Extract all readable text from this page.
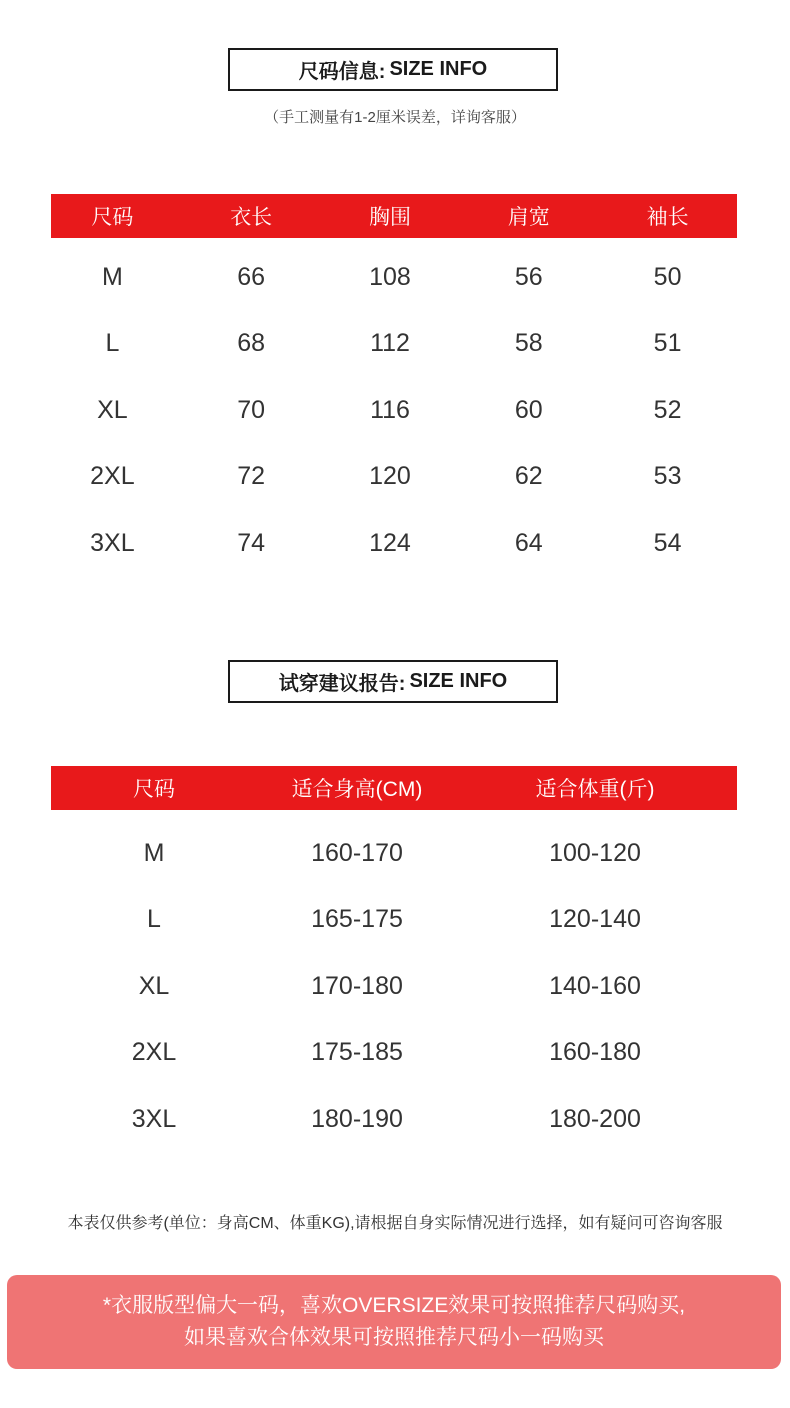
尺码信息: SIZE INFO
（手工测量有1-2厘米误差，详询客服）
尺码	衣长	胸围	肩宽	袖长
M	66	108	56	50
L	68	112	58	51
XL	70	116	60	52
2XL	72	120	62	53
3XL	74	124	64	54
试穿建议报告: SIZE INFO
尺码	适合身高(CM)	适合体重(斤)
M	160-170	100-120
L	165-175	120-140
XL	170-180	140-160
2XL	175-185	160-180
3XL	180-190	180-200
本表仅供参考(单位：身高CM、体重KG),请根据自身实际情况进行选择，如有疑问可咨询客服
*衣服版型偏大一码，喜欢OVERSIZE效果可按照推荐尺码购买,
如果喜欢合体效果可按照推荐尺码小一码购买
